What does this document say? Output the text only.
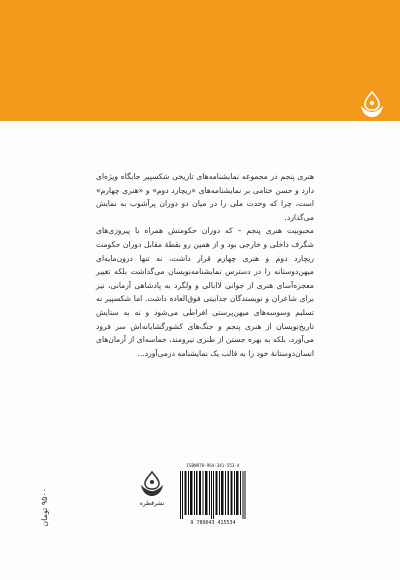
نشرقطره

هنری پنجم در مجموعه نمایشنامه‌های تاریخی شکسپیر جایگاه ویژه‌ای دارد و حسن ختامی بر نمایشنامه‌های «ریچارد دوم» و «هنری چهارم» است، چرا که وحدت ملی را در میان دو دوران پرآشوب به نمایش می‌گذارد.

محبوبیت هنری پنجم – که دوران حکومتش همراه با پیروزی‌های شگرف داخلی و خارجی بود و از همین رو نقطهٔ مقابل دوران حکومت ریچارد دوم و هنری چهارم قرار داشت، نه تنها درون‌مایه‌ای میهن‌دوستانه را در دسترس نمایشنامه‌نویسان می‌گذاشت بلکه تغییر معجزه‌آسای هنری از جوانی لاابالی و ولگرد به پادشاهی آرمانی، نیز برای شاعران و نویسندگان جذابیتی فوق‌العاده داشت. اما شکسپیر نه تسلیم وسوسه‌های میهن‌پرستی افراطی می‌شود و نه به ستایش تاریخ‌نویسان از هنری پنجم و جنگ‌های کشورگشایانه‌اش سر فرود می‌آورد، بلکه به بهره جستن از طنزی نیرومند، حماسه‌ای از آرمان‌های انسان‌دوستانهٔ خود را به قالب یک نمایشنامه درمی‌آورد...

۹۵۰۰ تومان	نشرقطره
ISBN978-964-341-553-4
9 789643 415534
